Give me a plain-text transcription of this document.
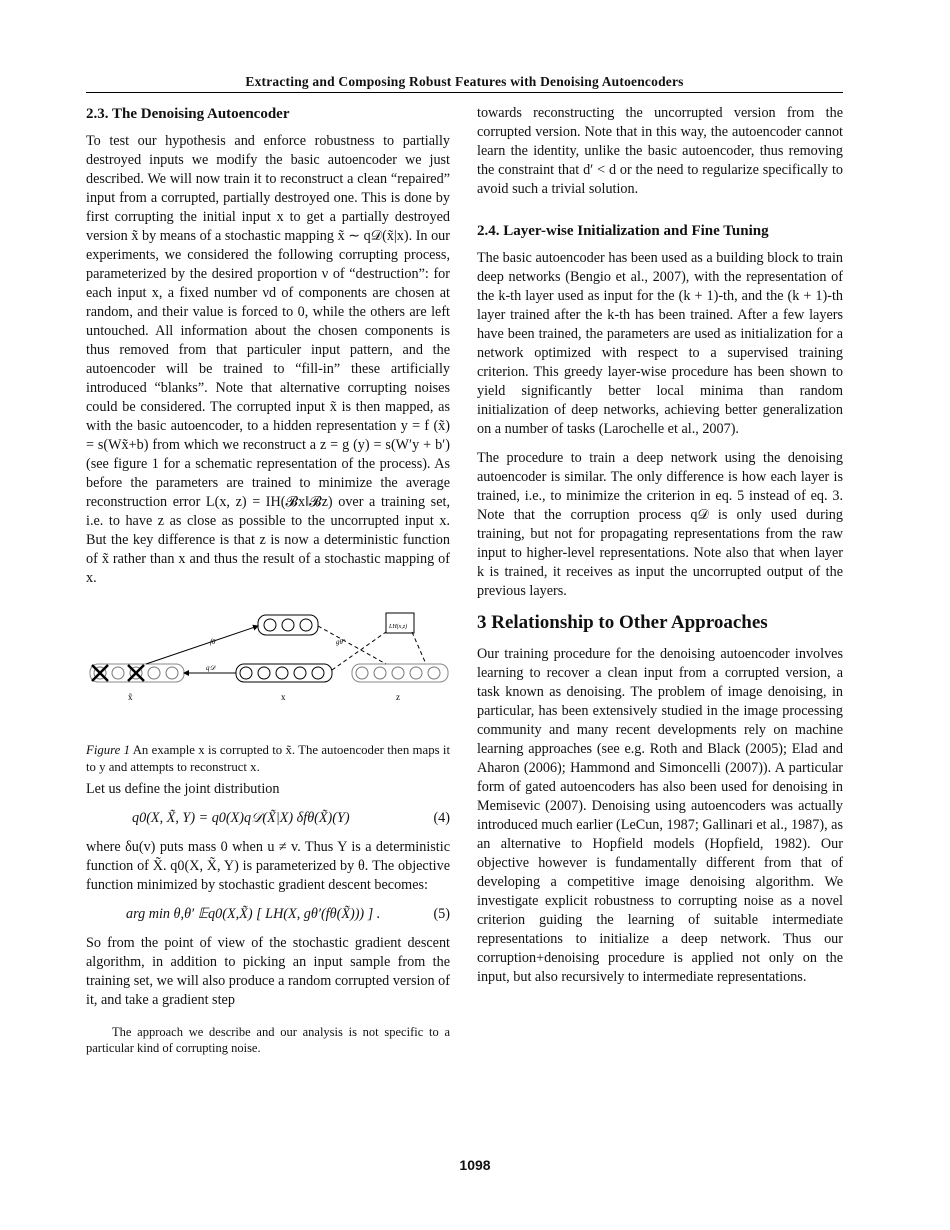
Extracting and Composing Robust Features with Denoising Autoencoders
2.3. The Denoising Autoencoder

To test our hypothesis and enforce robustness to partially destroyed inputs we modify the basic autoencoder we just described. We will now train it to reconstruct a clean “repaired” input from a corrupted, partially destroyed one. This is done by first corrupting the initial input x to get a partially destroyed version x̃ by means of a stochastic mapping x̃ ∼ q𝒟(x̃|x). In our experiments, we considered the following corrupting process, parameterized by the desired proportion ν of “destruction”: for each input x, a fixed number νd of components are chosen at random, and their value is forced to 0, while the others are left untouched. All information about the chosen components is thus removed from that particuler input pattern, and the autoencoder will be trained to “fill-in” these artificially introduced “blanks”. Note that alternative corrupting noises could be considered. The corrupted input x̃ is then mapped, as with the basic autoencoder, to a hidden representation y = f (x̃) = s(Wx̃+b) from which we reconstruct a z = g (y) = s(W′y + b′) (see figure 1 for a schematic representation of the process). As before the parameters are trained to minimize the average reconstruction error L(x, z) = IH(𝓑x‖𝓑z) over a training set, i.e. to have z as close as possible to the uncorrupted input x. But the key difference is that z is now a deterministic function of x̃ rather than x and thus the result of a stochastic mapping of x.

fθ	gθ′
q𝒟
LH(x,z)
x̃	x	z

Figure 1 An example x is corrupted to x̃. The autoencoder then maps it to y and attempts to reconstruct x.

Let us define the joint distribution

q0(X, X̃, Y) = q0(X)q𝒟(X̃|X) δfθ(X̃)(Y)	(4)

where δu(v) puts mass 0 when u ≠ v. Thus Y is a deterministic function of X̃. q0(X, X̃, Y) is parameterized by θ. The objective function minimized by stochastic gradient descent becomes:

arg min θ,θ′ 𝔼q0(X,X̃) [ LH(X, gθ′(fθ(X̃))) ] .	(5)

So from the point of view of the stochastic gradient descent algorithm, in addition to picking an input sample from the training set, we will also produce a random corrupted version of it, and take a gradient step

The approach we describe and our analysis is not specific to a particular kind of corrupting noise.

towards reconstructing the uncorrupted version from the corrupted version. Note that in this way, the autoencoder cannot learn the identity, unlike the basic autoencoder, thus removing the constraint that d′ < d or the need to regularize specifically to avoid such a trivial solution.

2.4. Layer-wise Initialization and Fine Tuning

The basic autoencoder has been used as a building block to train deep networks (Bengio et al., 2007), with the representation of the k-th layer used as input for the (k + 1)-th, and the (k + 1)-th layer trained after the k-th has been trained. After a few layers have been trained, the parameters are used as initialization for a network optimized with respect to a supervised training criterion. This greedy layer-wise procedure has been shown to yield significantly better local minima than random initialization of deep networks, achieving better generalization on a number of tasks (Larochelle et al., 2007).

The procedure to train a deep network using the denoising autoencoder is similar. The only difference is how each layer is trained, i.e., to minimize the criterion in eq. 5 instead of eq. 3. Note that the corruption process q𝒟 is only used during training, but not for propagating representations from the raw input to higher-level representations. Note also that when layer k is trained, it receives as input the uncorrupted output of the previous layers.

3 Relationship to Other Approaches

Our training procedure for the denoising autoencoder involves learning to recover a clean input from a corrupted version, a task known as denoising. The problem of image denoising, in particular, has been extensively studied in the image processing community and many recent developments rely on machine learning approaches (see e.g. Roth and Black (2005); Elad and Aharon (2006); Hammond and Simoncelli (2007)). A particular form of gated autoencoders has also been used for denoising in Memisevic (2007). Denoising using autoencoders was actually introduced much earlier (LeCun, 1987; Gallinari et al., 1987), as an alternative to Hopfield models (Hopfield, 1982). Our objective however is fundamentally different from that of developing a competitive image denoising algorithm. We investigate explicit robustness to corrupting noise as a novel criterion guiding the learning of suitable intermediate representations to initialize a deep network. Thus our corruption+denoising procedure is applied not only on the input, but also recursively to intermediate representations.

1098
